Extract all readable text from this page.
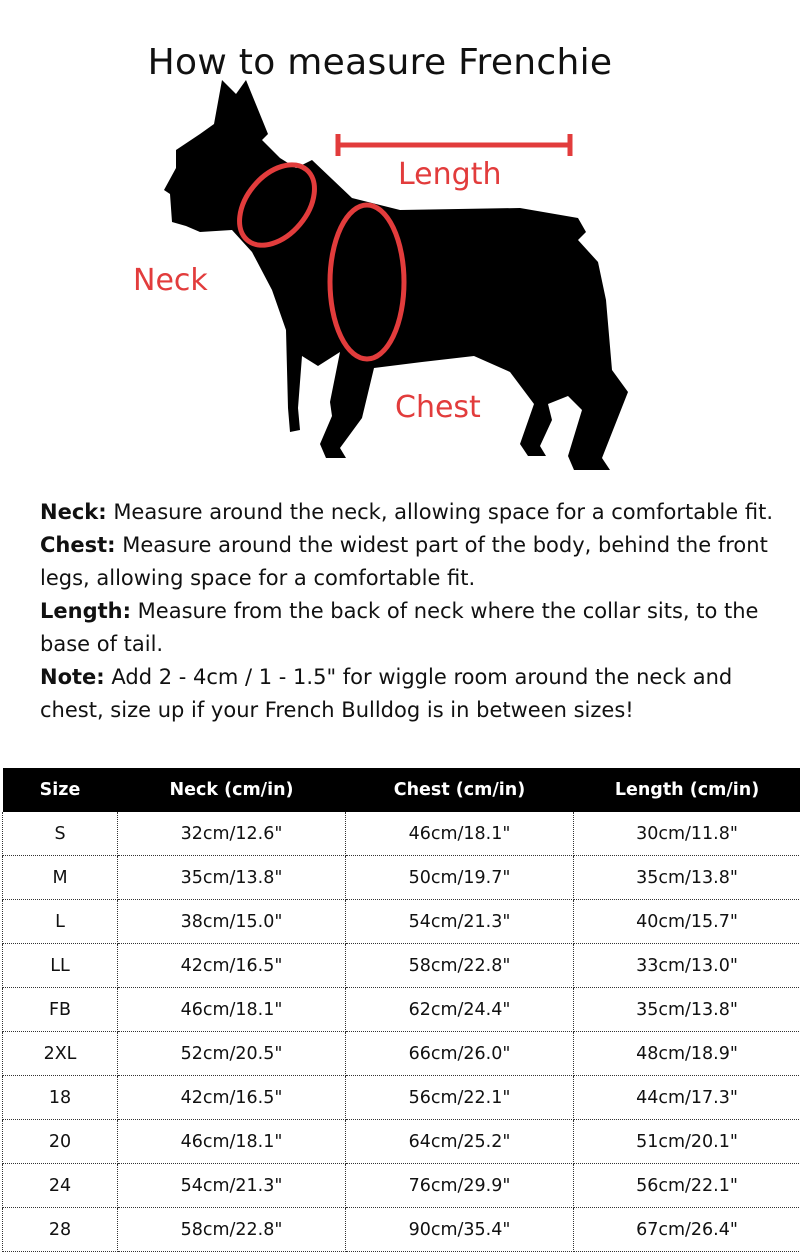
How to measure Frenchie
Length
Neck
Chest

Neck: Measure around the neck, allowing space for a comfortable fit.

Chest: Measure around the widest part of the body, behind the front legs, allowing space for a comfortable fit.

Length: Measure from the back of neck where the collar sits, to the base of tail.

Note: Add 2 - 4cm / 1 - 1.5" for wiggle room around the neck and chest, size up if your French Bulldog is in between sizes!

Size	Neck (cm/in)	Chest (cm/in)	Length (cm/in)
S	32cm/12.6"	46cm/18.1"	30cm/11.8"
M	35cm/13.8"	50cm/19.7"	35cm/13.8"
L	38cm/15.0"	54cm/21.3"	40cm/15.7"
LL	42cm/16.5"	58cm/22.8"	33cm/13.0"
FB	46cm/18.1"	62cm/24.4"	35cm/13.8"
2XL	52cm/20.5"	66cm/26.0"	48cm/18.9"
18	42cm/16.5"	56cm/22.1"	44cm/17.3"
20	46cm/18.1"	64cm/25.2"	51cm/20.1"
24	54cm/21.3"	76cm/29.9"	56cm/22.1"
28	58cm/22.8"	90cm/35.4"	67cm/26.4"
